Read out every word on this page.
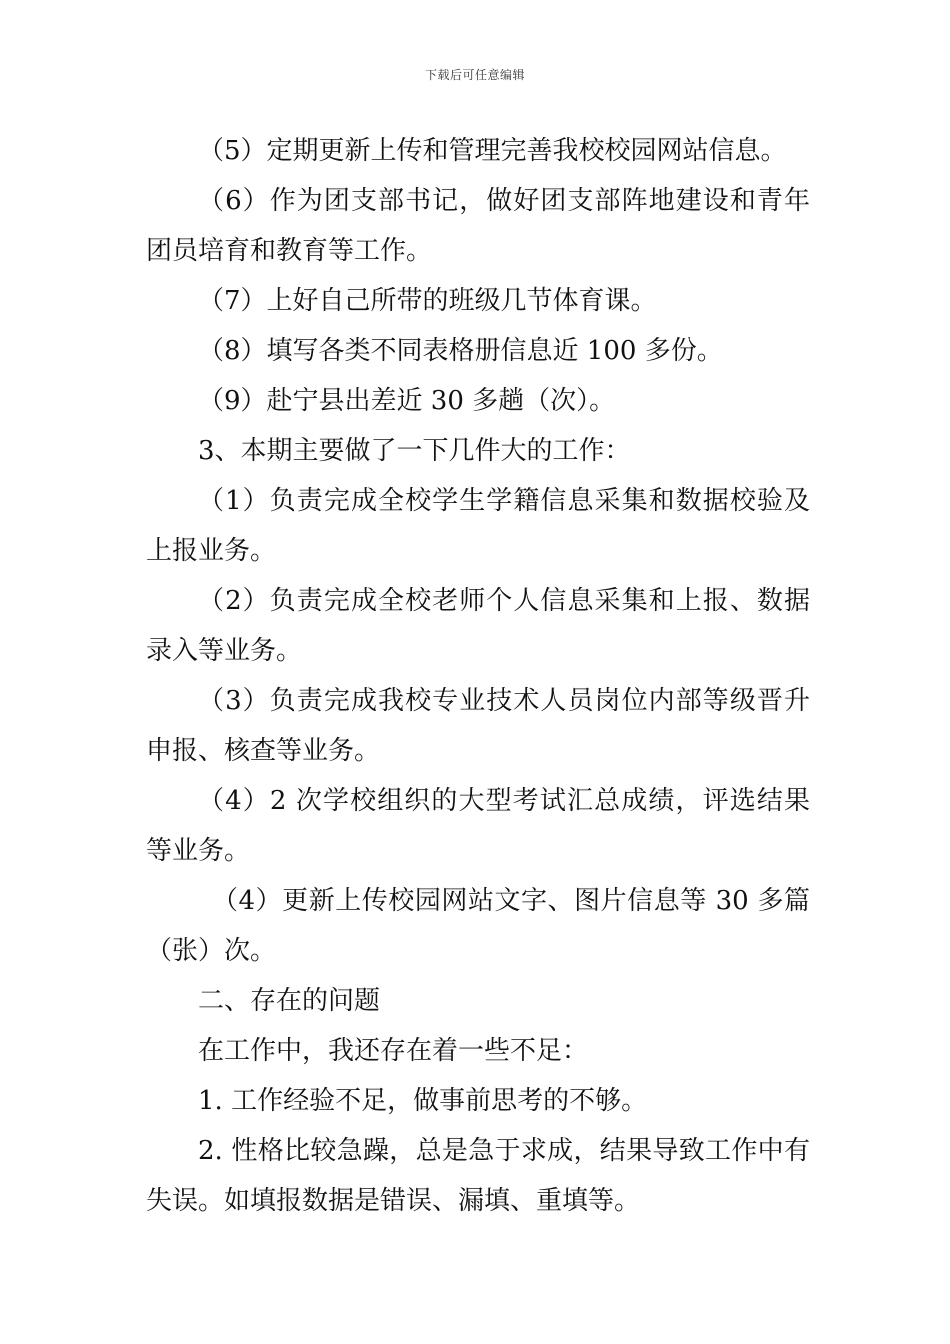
下载后可任意编辑

（5）定期更新上传和管理完善我校校园网站信息。

（6）作为团支部书记，做好团支部阵地建设和青年团员培育和教育等工作。

（7）上好自己所带的班级几节体育课。

（8）填写各类不同表格册信息近 100 多份。

（9）赴宁县出差近 30 多趟（次）。

3、本期主要做了一下几件大的工作：

（1）负责完成全校学生学籍信息采集和数据校验及上报业务。

（2）负责完成全校老师个人信息采集和上报、数据录入等业务。

（3）负责完成我校专业技术人员岗位内部等级晋升申报、核查等业务。

（4）2 次学校组织的大型考试汇总成绩，评选结果等业务。

（4）更新上传校园网站文字、图片信息等 30 多篇（张）次。

二、存在的问题

在工作中，我还存在着一些不足：

1. 工作经验不足，做事前思考的不够。

2. 性格比较急躁，总是急于求成，结果导致工作中有失误。如填报数据是错误、漏填、重填等。
